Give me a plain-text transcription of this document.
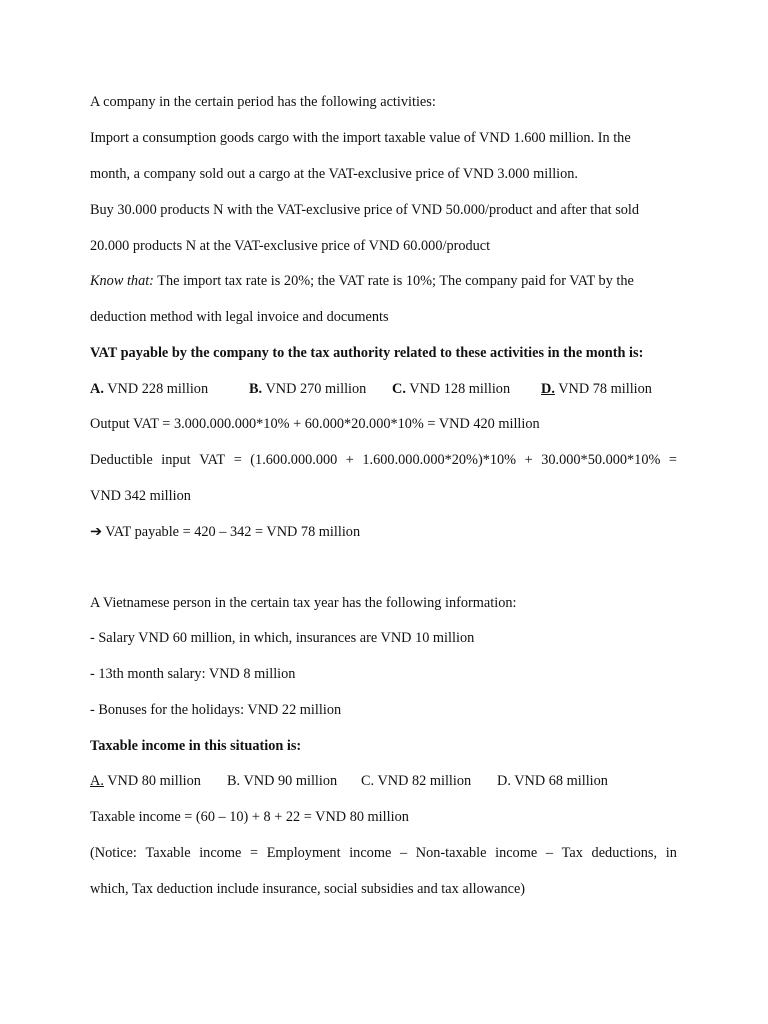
A company in the certain period has the following activities:
Import a consumption goods cargo with the import taxable value of VND 1.600 million. In the
month, a company sold out a cargo at the VAT-exclusive price of VND 3.000 million.
Buy 30.000 products N with the VAT-exclusive price of VND 50.000/product and after that sold
20.000 products N at the VAT-exclusive price of VND 60.000/product
Know that: The import tax rate is 20%; the VAT rate is 10%; The company paid for VAT by the
deduction method with legal invoice and documents
VAT payable by the company to the tax authority related to these activities in the month is:
A. VND 228 million	B. VND 270 million C. VND 128 million D. VND 78 million
Output VAT = 3.000.000.000*10% + 60.000*20.000*10% = VND 420 million
Deductible input VAT = (1.600.000.000 + 1.600.000.000*20%)*10% + 30.000*50.000*10% =
VND 342 million
➔ VAT payable = 420 – 342 = VND 78 million
A Vietnamese person in the certain tax year has the following information:
- Salary VND 60 million, in which, insurances are VND 10 million
- 13th month salary: VND 8 million
- Bonuses for the holidays: VND 22 million
Taxable income in this situation is:
A. VND 80 million B. VND 90 million C. VND 82 million D. VND 68 million
Taxable income = (60 – 10) + 8 + 22 = VND 80 million
(Notice: Taxable income = Employment income – Non-taxable income – Tax deductions, in
which, Tax deduction include insurance, social subsidies and tax allowance)
